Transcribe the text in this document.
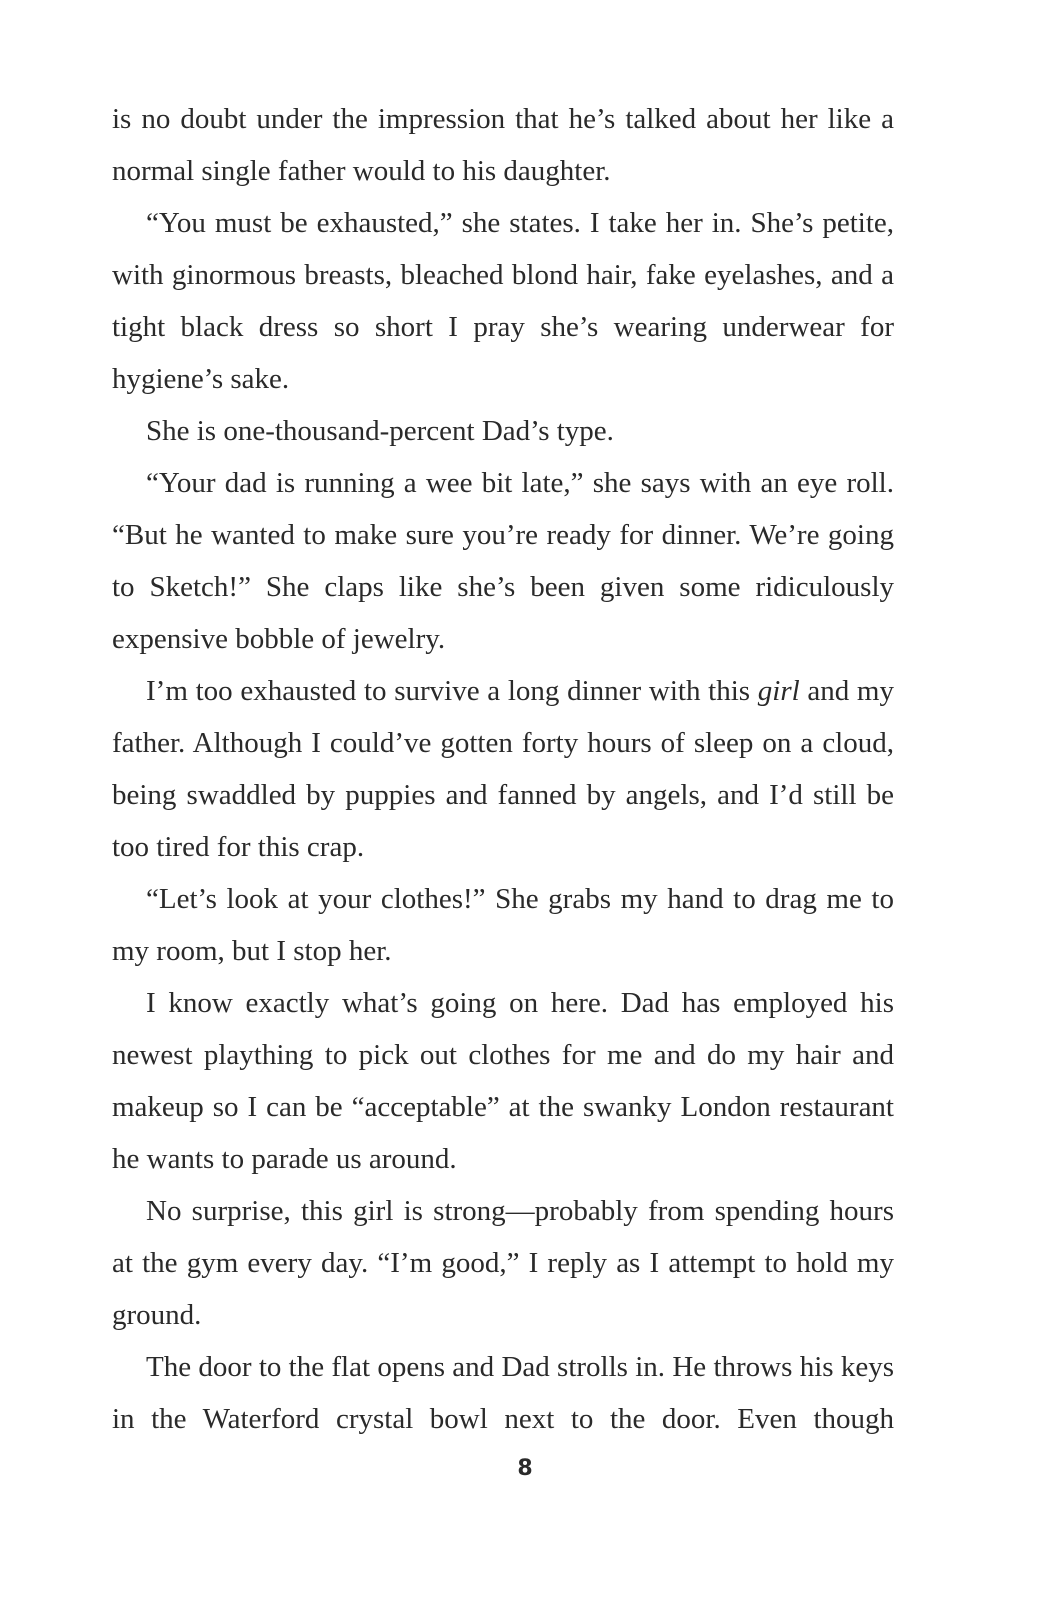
is no doubt under the impression that he’s talked about her like a normal single father would to his daughter.

“You must be exhausted,” she states. I take her in. She’s petite, with ginormous breasts, bleached blond hair, fake eyelashes, and a tight black dress so short I pray she’s wearing underwear for hygiene’s sake.

She is one-thousand-percent Dad’s type.

“Your dad is running a wee bit late,” she says with an eye roll. “But he wanted to make sure you’re ready for dinner. We’re going to Sketch!” She claps like she’s been given some ridiculously expensive bobble of jewelry.

I’m too exhausted to survive a long dinner with this girl and my father. Although I could’ve gotten forty hours of sleep on a cloud, being swaddled by puppies and fanned by angels, and I’d still be too tired for this crap.

“Let’s look at your clothes!” She grabs my hand to drag me to my room, but I stop her.

I know exactly what’s going on here. Dad has employed his newest plaything to pick out clothes for me and do my hair and makeup so I can be “acceptable” at the swanky London restaurant he wants to parade us around.

No surprise, this girl is strong—probably from spending hours at the gym every day. “I’m good,” I reply as I attempt to hold my ground.

The door to the flat opens and Dad strolls in. He throws his keys in the Waterford crystal bowl next to the door. Even though

8
